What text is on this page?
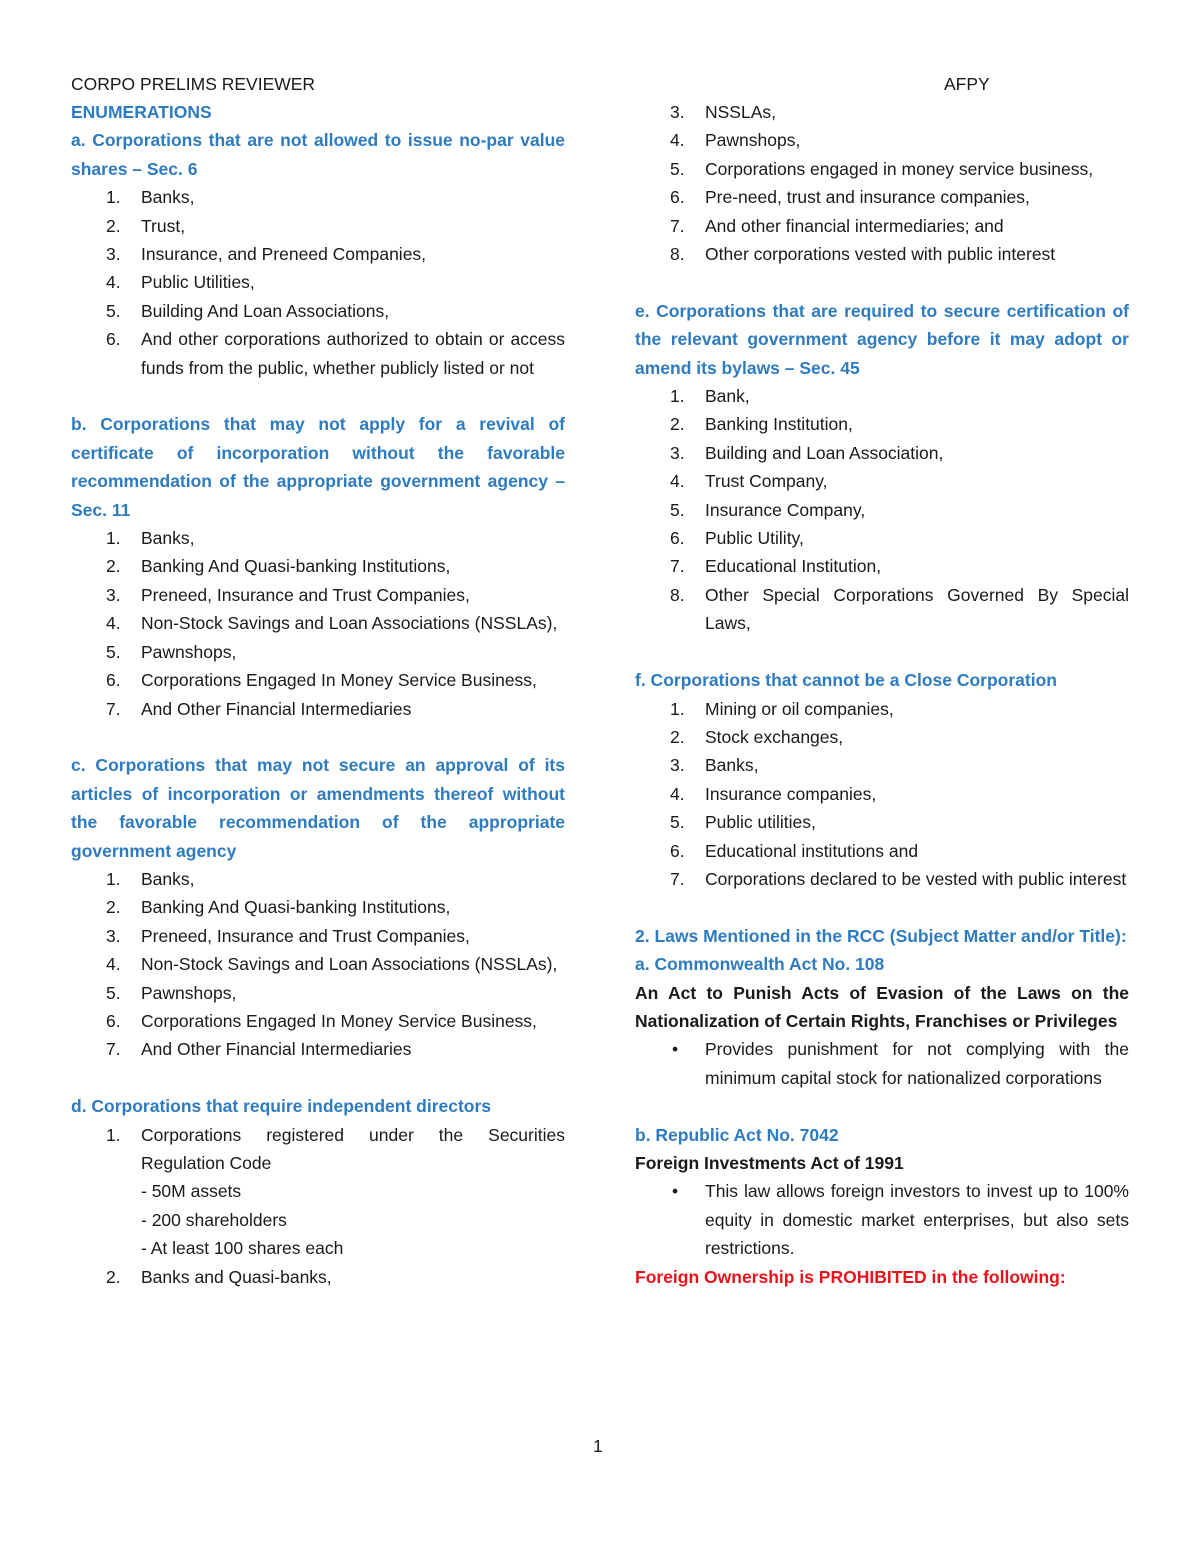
CORPO PRELIMS REVIEWER	AFPY
ENUMERATIONS
a. Corporations that are not allowed to issue no-par value shares – Sec. 6
1. Banks,
2. Trust,
3. Insurance, and Preneed Companies,
4. Public Utilities,
5. Building And Loan Associations,
6. And other corporations authorized to obtain or access funds from the public, whether publicly listed or not
b. Corporations that may not apply for a revival of certificate of incorporation without the favorable recommendation of the appropriate government agency – Sec. 11
1. Banks,
2. Banking And Quasi-banking Institutions,
3. Preneed, Insurance and Trust Companies,
4. Non-Stock Savings and Loan Associations (NSSLAs),
5. Pawnshops,
6. Corporations Engaged In Money Service Business,
7. And Other Financial Intermediaries
c. Corporations that may not secure an approval of its articles of incorporation or amendments thereof without the favorable recommendation of the appropriate government agency
1. Banks,
2. Banking And Quasi-banking Institutions,
3. Preneed, Insurance and Trust Companies,
4. Non-Stock Savings and Loan Associations (NSSLAs),
5. Pawnshops,
6. Corporations Engaged In Money Service Business,
7. And Other Financial Intermediaries
d. Corporations that require independent directors
1. Corporations registered under the Securities Regulation Code
- 50M assets
- 200 shareholders
- At least 100 shares each
2. Banks and Quasi-banks,
3. NSSLAs,
4. Pawnshops,
5. Corporations engaged in money service business,
6. Pre-need, trust and insurance companies,
7. And other financial intermediaries; and
8. Other corporations vested with public interest
e. Corporations that are required to secure certification of the relevant government agency before it may adopt or amend its bylaws – Sec. 45
1. Bank,
2. Banking Institution,
3. Building and Loan Association,
4. Trust Company,
5. Insurance Company,
6. Public Utility,
7. Educational Institution,
8. Other Special Corporations Governed By Special Laws,
f. Corporations that cannot be a Close Corporation
1. Mining or oil companies,
2. Stock exchanges,
3. Banks,
4. Insurance companies,
5. Public utilities,
6. Educational institutions and
7. Corporations declared to be vested with public interest
2. Laws Mentioned in the RCC (Subject Matter and/or Title):
a. Commonwealth Act No. 108
An Act to Punish Acts of Evasion of the Laws on the Nationalization of Certain Rights, Franchises or Privileges
• Provides punishment for not complying with the minimum capital stock for nationalized corporations
b. Republic Act No. 7042
Foreign Investments Act of 1991
• This law allows foreign investors to invest up to 100% equity in domestic market enterprises, but also sets restrictions.
Foreign Ownership is PROHIBITED in the following:
1
